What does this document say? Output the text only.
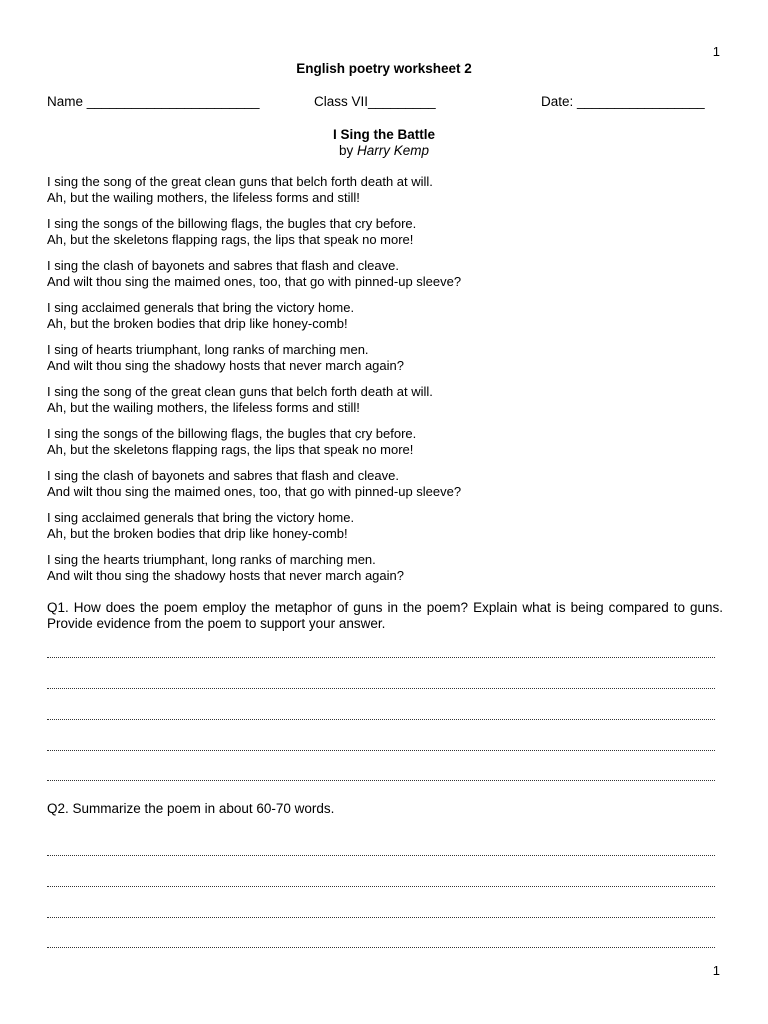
1
English poetry worksheet 2
Name _______________________	Class VII_________	Date: _________________
I Sing the Battle
by Harry Kemp
I sing the song of the great clean guns that belch forth death at will.
Ah, but the wailing mothers, the lifeless forms and still!
I sing the songs of the billowing flags, the bugles that cry before.
Ah, but the skeletons flapping rags, the lips that speak no more!
I sing the clash of bayonets and sabres that flash and cleave.
And wilt thou sing the maimed ones, too, that go with pinned-up sleeve?
I sing acclaimed generals that bring the victory home.
Ah, but the broken bodies that drip like honey-comb!
I sing of hearts triumphant, long ranks of marching men.
And wilt thou sing the shadowy hosts that never march again?
I sing the song of the great clean guns that belch forth death at will.
Ah, but the wailing mothers, the lifeless forms and still!
I sing the songs of the billowing flags, the bugles that cry before.
Ah, but the skeletons flapping rags, the lips that speak no more!
I sing the clash of bayonets and sabres that flash and cleave.
And wilt thou sing the maimed ones, too, that go with pinned-up sleeve?
I sing acclaimed generals that bring the victory home.
Ah, but the broken bodies that drip like honey-comb!
I sing the hearts triumphant, long ranks of marching men.
And wilt thou sing the shadowy hosts that never march again?
Q1. How does the poem employ the metaphor of guns in the poem? Explain what is being compared to guns. Provide evidence from the poem to support your answer.
Q2. Summarize the poem in about 60-70 words.
1
